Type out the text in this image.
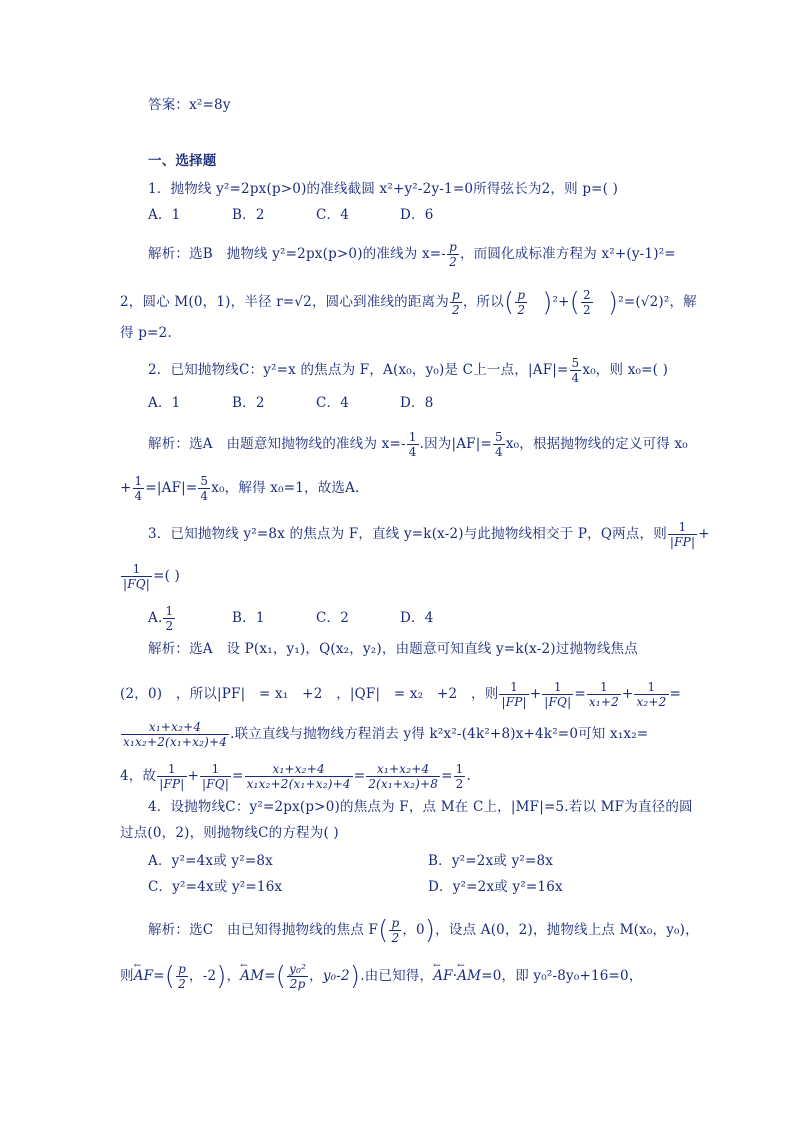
答案：x²=8y
一、选择题
1．抛物线 y²=2px(p>0)的准线截圆 x²+y²-2y-1=0所得弦长为2，则 p=( )
A．1	B．2	C．4	D．6
解析：选B　抛物线 y²=2px(p>0)的准线为 $x=- \frac{p}{2}$ ，而圆化成标准方程为 x²+(y-1)²=
2，圆心 M(0，1)，半径 r=√2，圆心到准线的距离为 $\frac{p}{2}$ ，所以( $\frac{p}{2} )^2+( \frac{2}{2} )^2=(√2)^2$，解
得 p=2.
2．已知抛物线C：y²=x 的焦点为 F，A(x₀，y₀)是 C上一点，$|AF|= \frac{5}{4} x_0$，则 x₀=( )
A．1	B．2	C．4	D．8
解析：选A　由题意知抛物线的准线为 $x=- \frac{1}{4}$ .因为$|AF|= \frac{5}{4} x_0$，根据抛物线的定义可得 x₀
+ $\frac{1}{4} =|AF|= \frac{5}{4} x_0$，解得 x₀=1，故选A.
3．已知抛物线 y²=8x 的焦点为 F，直线 y=k(x-2)与此抛物线相交于 P，Q两点，则 $\frac{1}{|FP|}$ +
$\frac{1}{|FQ|}$ =( )
A. $\frac{1}{2}$	B．1	C．2	D．4
解析：选A　设 P(x₁，y₁)，Q(x₂，y₂)，由题意可知直线 y=k(x-2)过抛物线焦点
(2，0)　，所以|PF|　= x₁　+2　，|QF|　= x₂　+2　，则 $\frac{1}{|FP|} + \frac{1}{|FQ|} = \frac{1}{\text{x₁+2}} + \frac{1}{\text{x₂+2}}$ =
$\frac{\text{x₁+x₂+4}}{\text{x₁x₂+2(x₁+x₂)+4}}$ .联立直线与抛物线方程消去 y得 k²x²-(4k²+8)x+4k²=0可知 x₁x₂=
4，故 $\frac{1}{|FP|} + \frac{1}{|FQ|} = \frac{\text{x₁+x₂+4}}{\text{x₁x₂+2(x₁+x₂)+4}} = \frac{\text{x₁+x₂+4}}{\text{2(x₁+x₂)+8}} = \frac{1}{2}$ .
4．设抛物线C：y²=2px(p>0)的焦点为 F，点 M在 C上，|MF|=5.若以 MF为直径的圆
过点(0，2)，则抛物线C的方程为( )
A．y²=4x或 y²=8x	B．y²=2x或 y²=8x
C．y²=4x或 y²=16x	D．y²=2x或 y²=16x
解析：选C　由已知得抛物线的焦点 $F( \frac{p}{2}$ ，0)，设点 A(0，2)，抛物线上点 M(x₀，y₀)，
则← $AF=( \frac{p}{2}$ ，-2)，← $AM=( \frac{\text{y₀²}}{2p}$ ，y₀-2).由已知得，← AF·← AM=0，即 y₀²-8y₀+16=0，
